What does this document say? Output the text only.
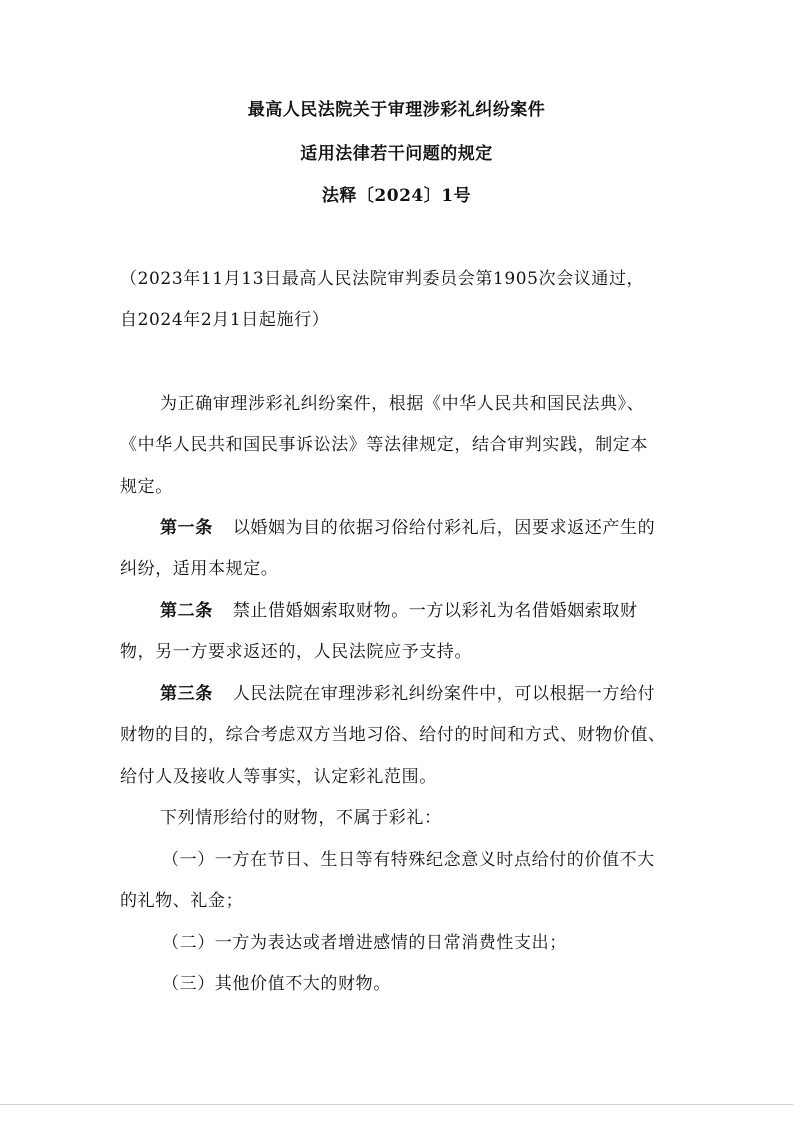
最高人民法院关于审理涉彩礼纠纷案件
适用法律若干问题的规定
法释〔2024〕1号
（2023年11月13日最高人民法院审判委员会第1905次会议通过，
自2024年2月1日起施行）
为正确审理涉彩礼纠纷案件，根据《中华人民共和国民法典》、
《中华人民共和国民事诉讼法》等法律规定，结合审判实践，制定本
规定。
第一条 以婚姻为目的依据习俗给付彩礼后，因要求返还产生的
纠纷，适用本规定。
第二条 禁止借婚姻索取财物。一方以彩礼为名借婚姻索取财
物，另一方要求返还的，人民法院应予支持。
第三条 人民法院在审理涉彩礼纠纷案件中，可以根据一方给付
财物的目的，综合考虑双方当地习俗、给付的时间和方式、财物价值、
给付人及接收人等事实，认定彩礼范围。
下列情形给付的财物，不属于彩礼：
（一）一方在节日、生日等有特殊纪念意义时点给付的价值不大
的礼物、礼金；
（二）一方为表达或者增进感情的日常消费性支出；
（三）其他价值不大的财物。
